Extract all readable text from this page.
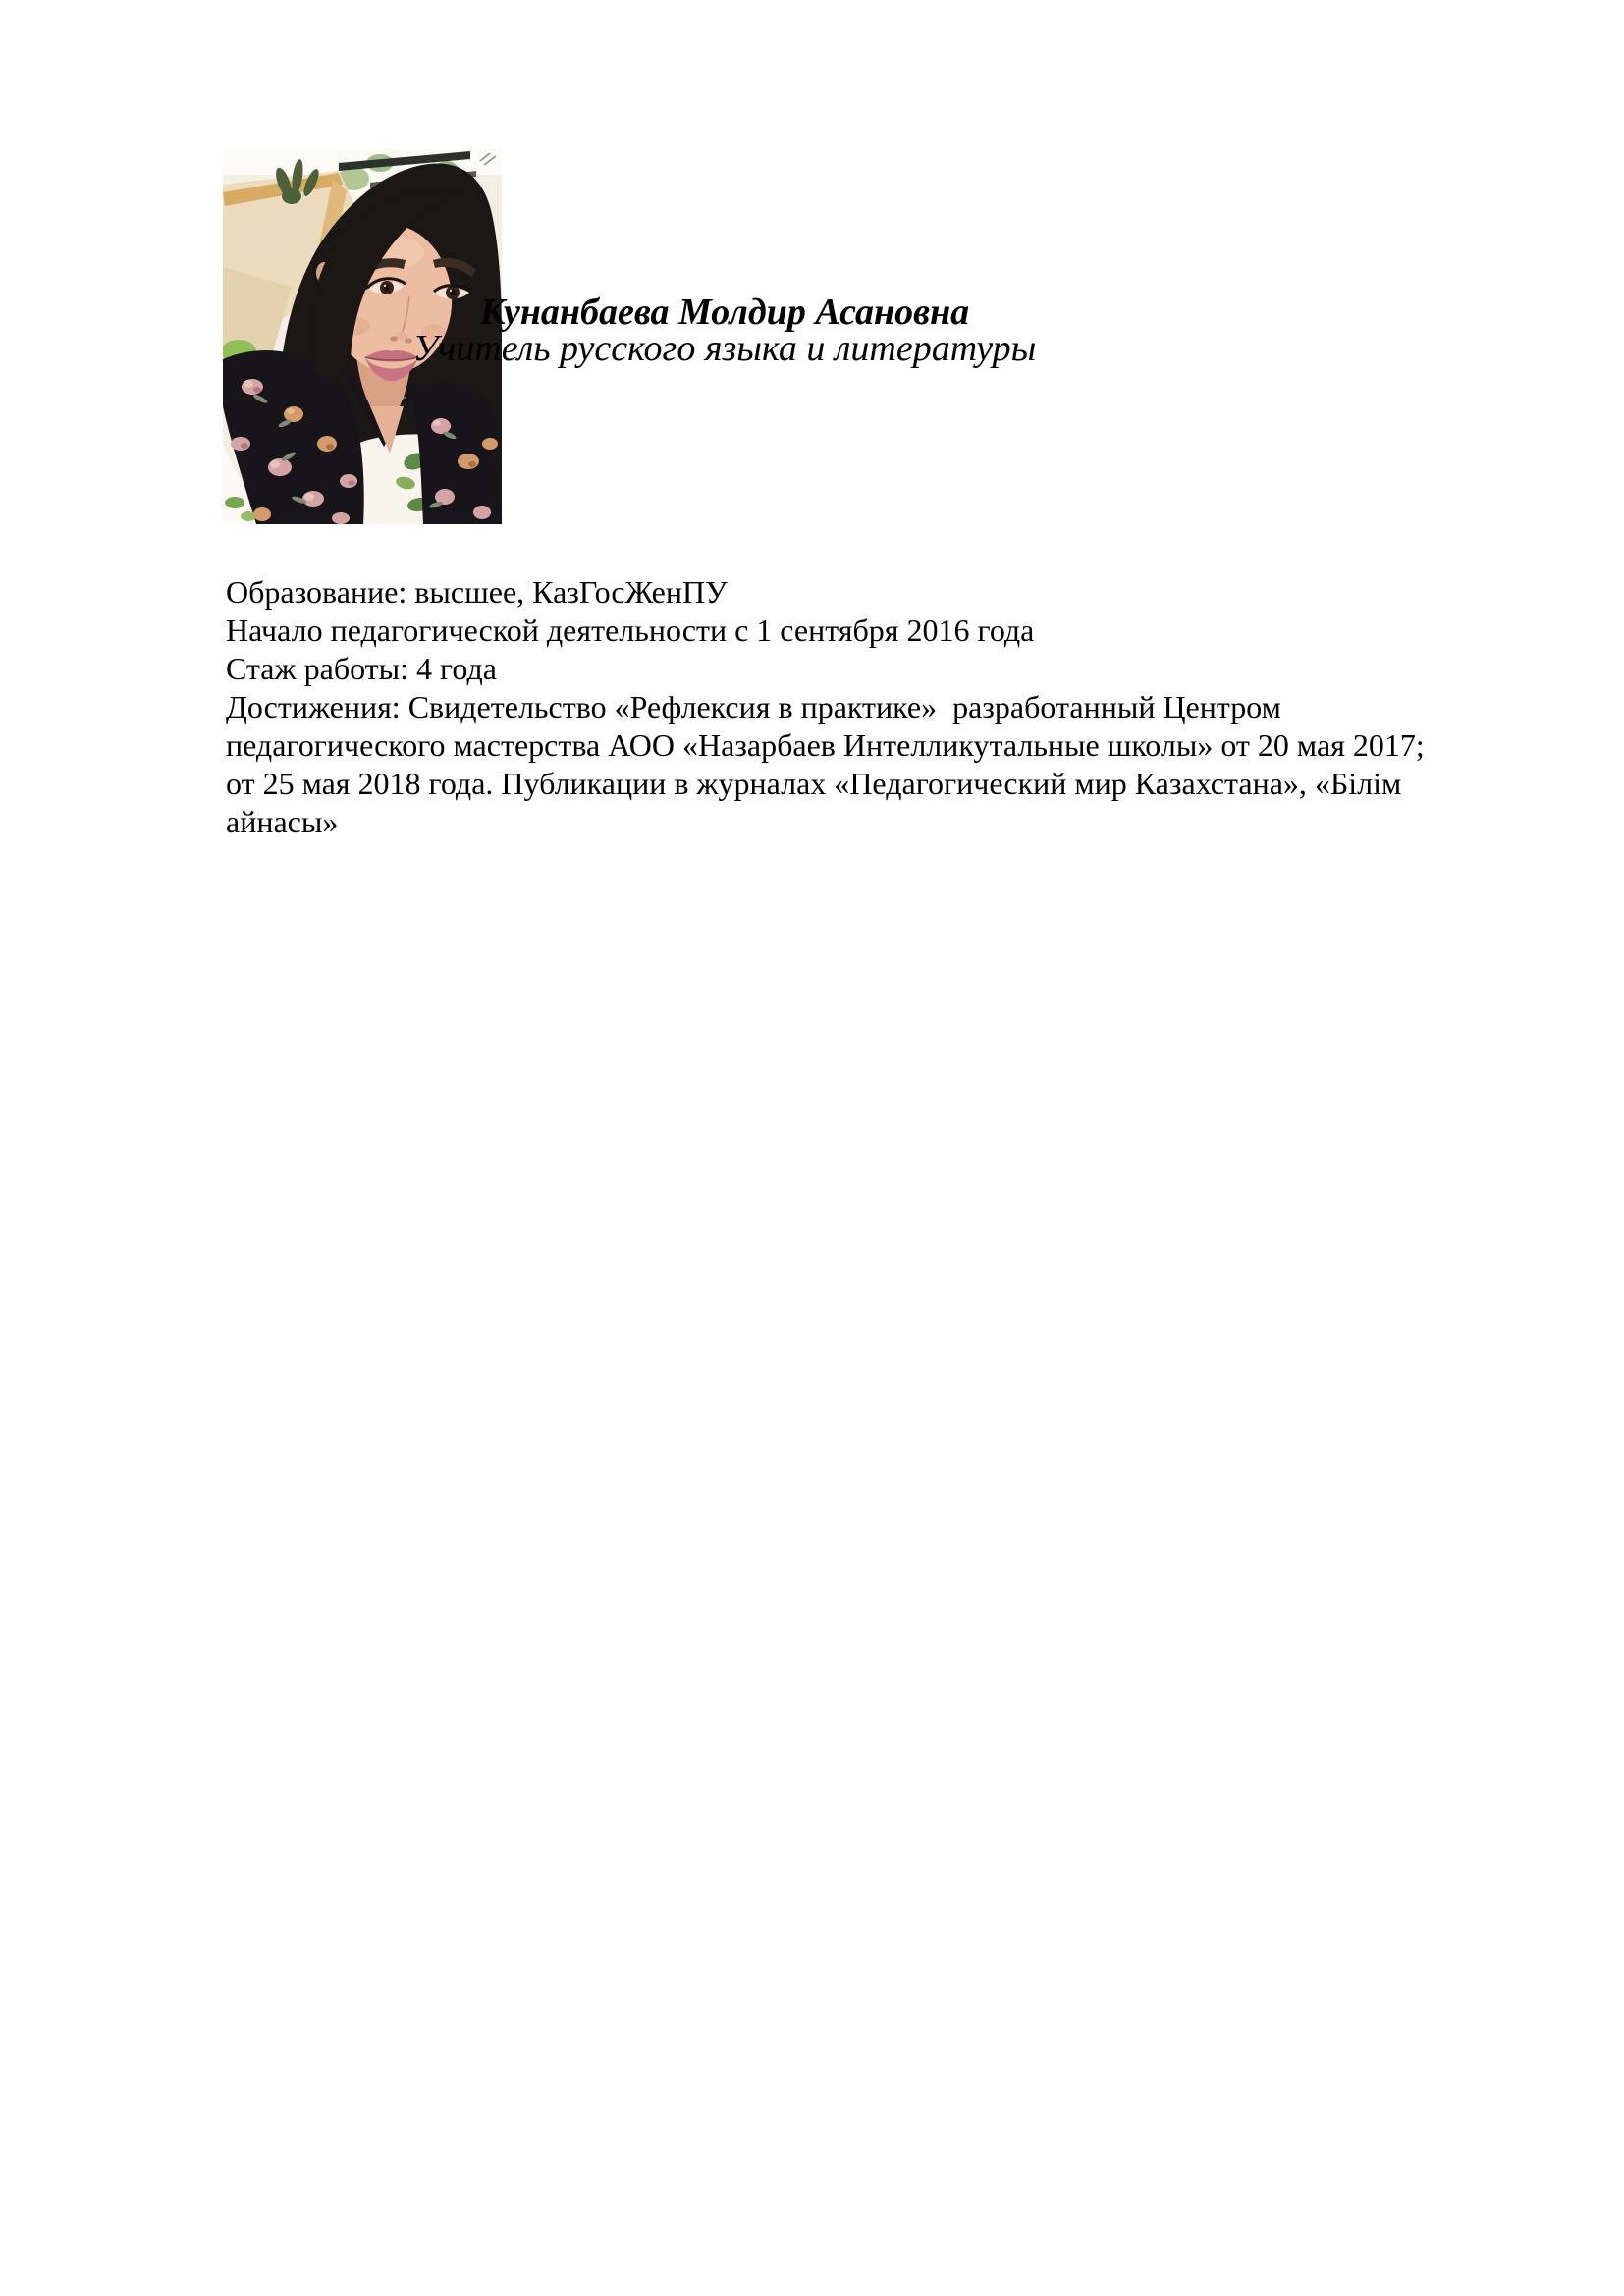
Кунанбаева Молдир Асановна
Учитель русского языка и литературы
Образование: высшее, КазГосЖенПУ
Начало педагогической деятельности с 1 сентября 2016 года
Стаж работы: 4 года
Достижения: Свидетельство «Рефлексия в практике»  разработанный Центром
педагогического мастерства АОО «Назарбаев Интелликутальные школы» от 20 мая 2017;
от 25 мая 2018 года. Публикации в журналах «Педагогический мир Казахстана», «Білім
айнасы»
